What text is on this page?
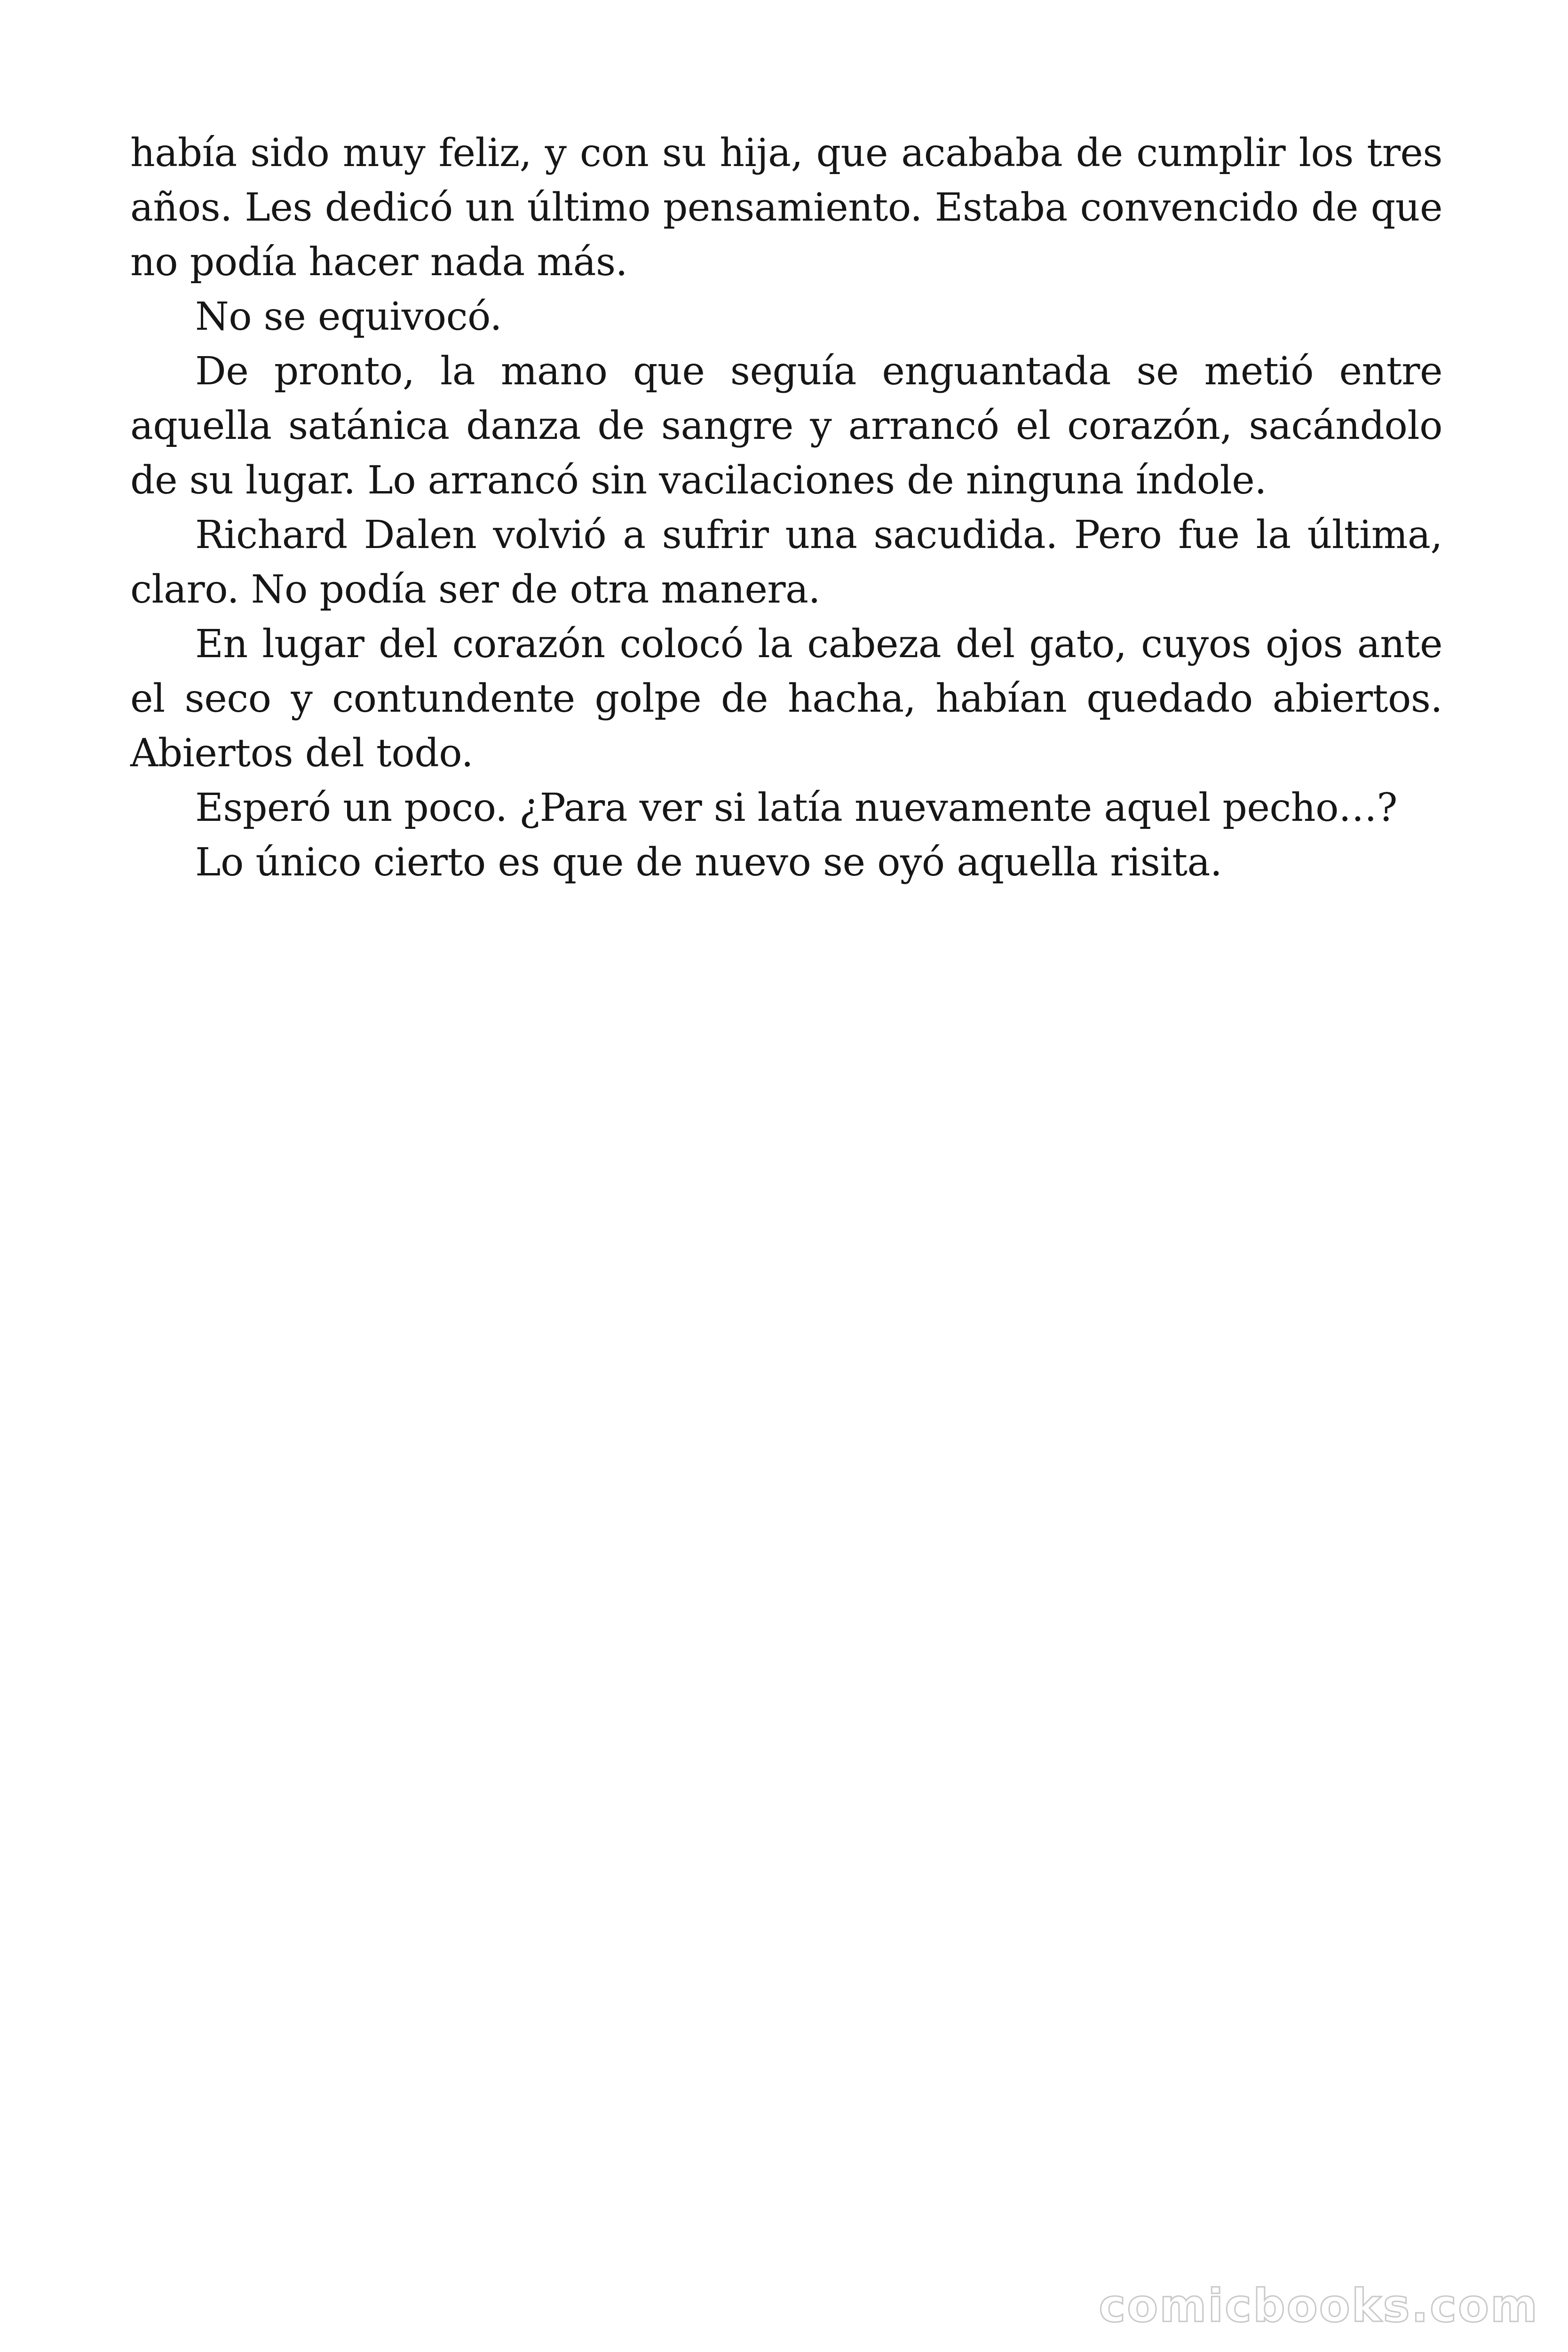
había sido muy feliz, y con su hija, que acababa de cumplir los tres años. Les dedicó un último pensamiento. Estaba convencido de que no podía hacer nada más.

No se equivocó.

De pronto, la mano que seguía enguantada se metió entre aquella satánica danza de sangre y arrancó el corazón, sacándolo de su lugar. Lo arrancó sin vacilaciones de ninguna índole.

Richard Dalen volvió a sufrir una sacudida. Pero fue la última, claro. No podía ser de otra manera.

En lugar del corazón colocó la cabeza del gato, cuyos ojos ante el seco y contundente golpe de hacha, habían quedado abiertos. Abiertos del todo.

Esperó un poco. ¿Para ver si latía nuevamente aquel pecho…?

Lo único cierto es que de nuevo se oyó aquella risita.

comicbooks.com
